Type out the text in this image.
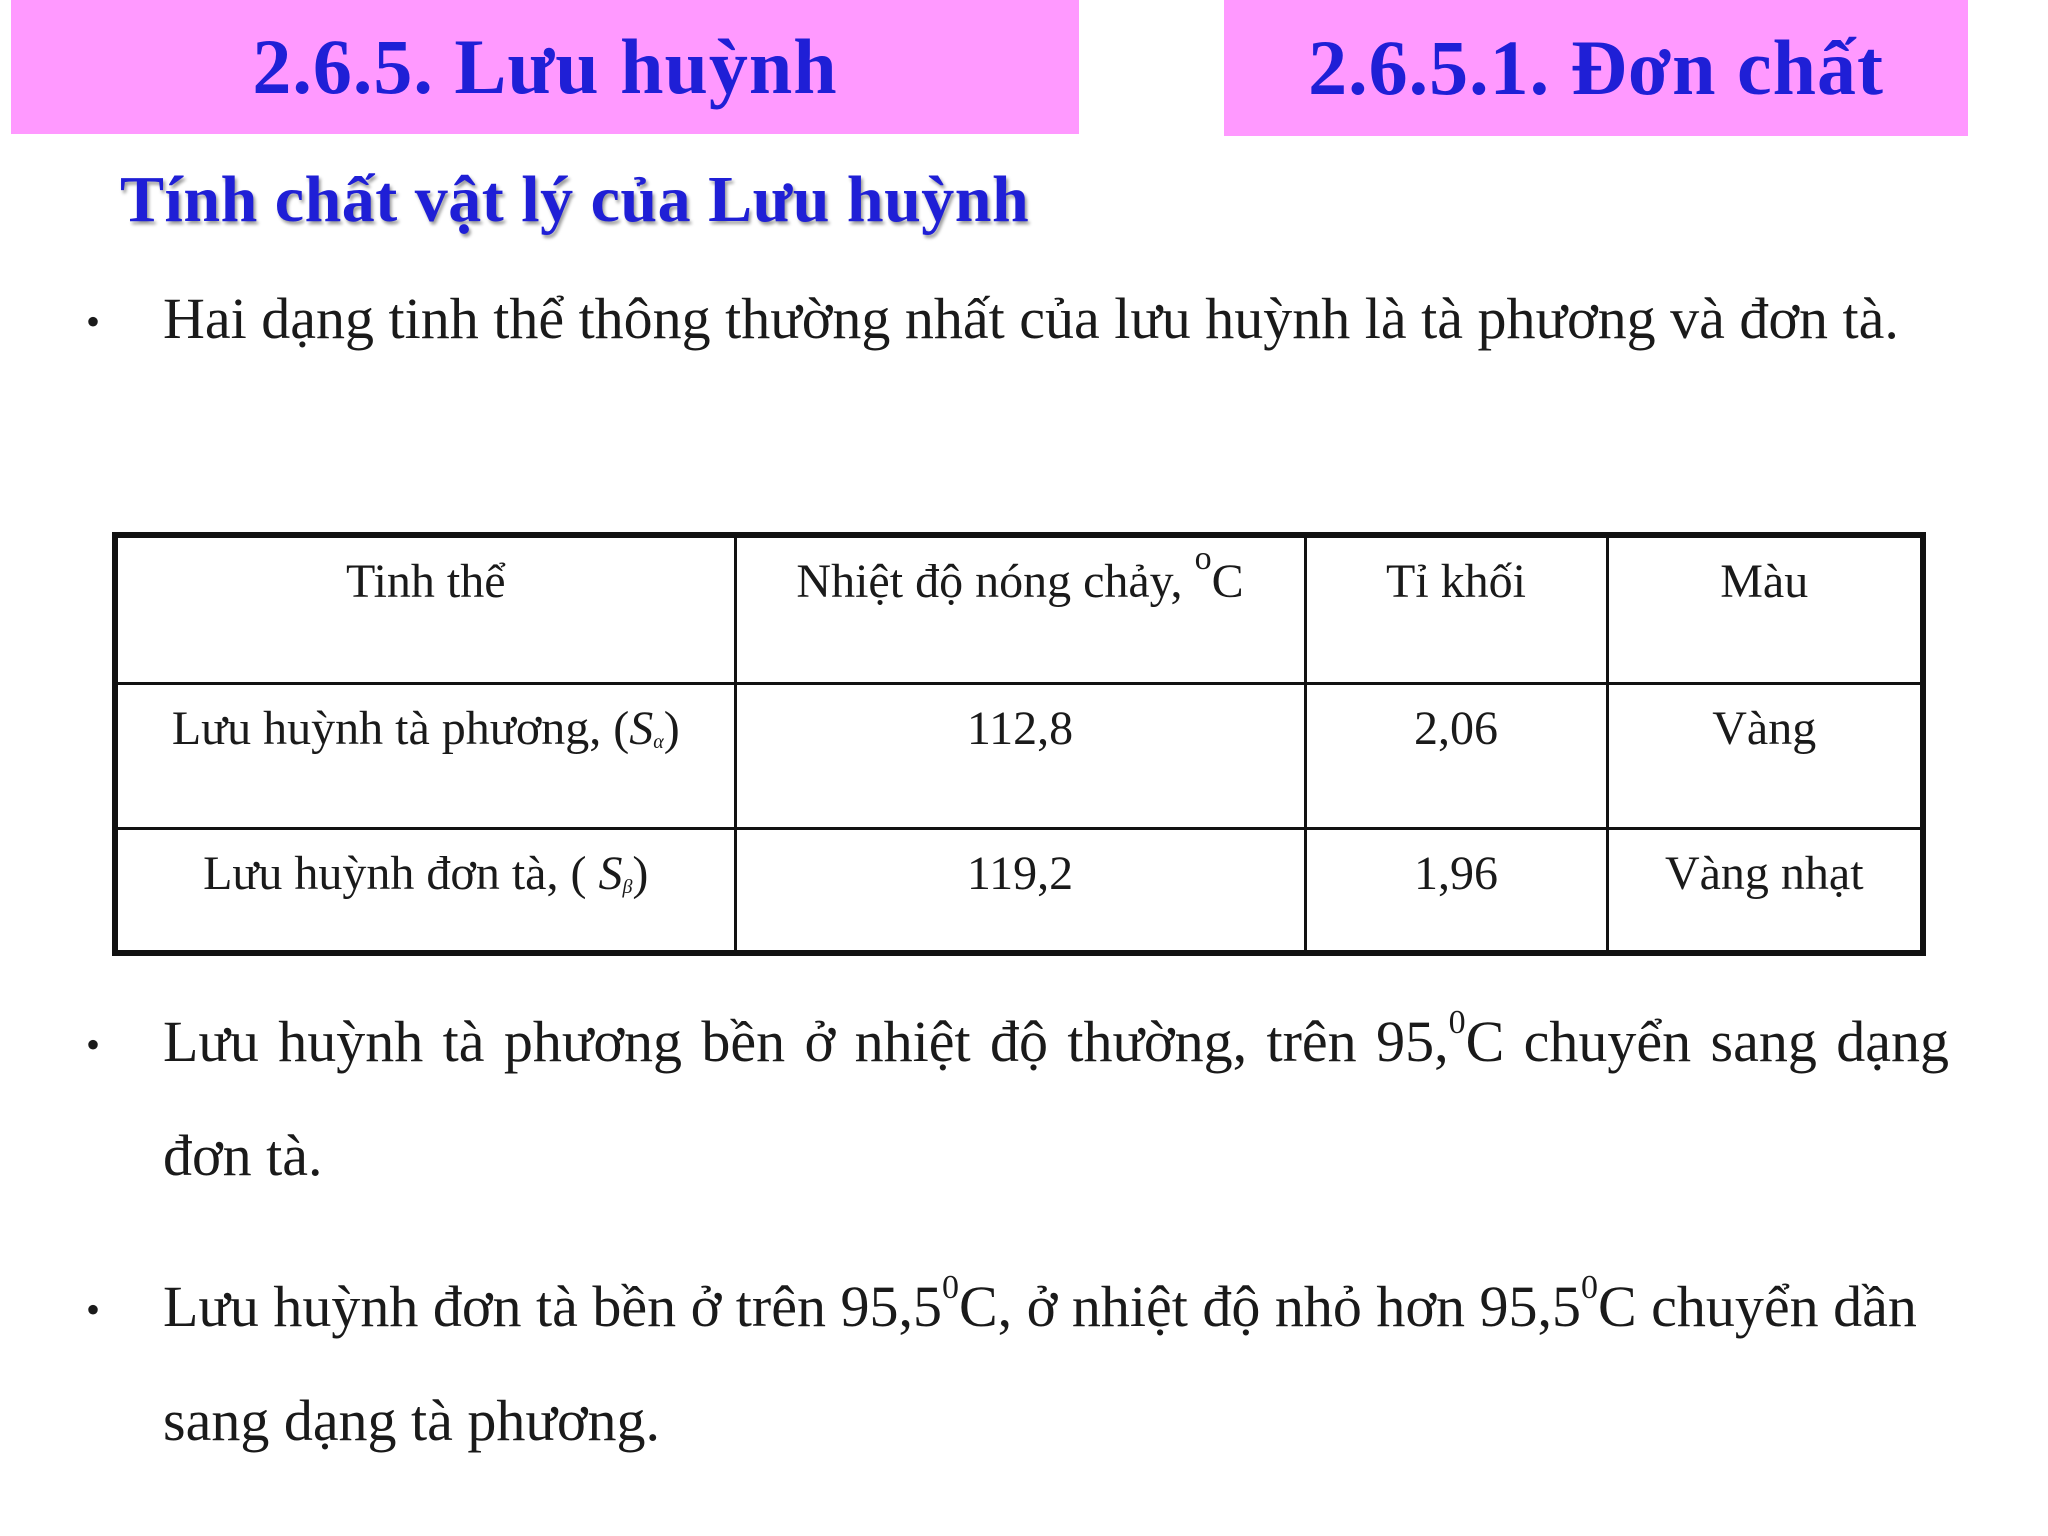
2.6.5. Lưu huỳnh	2.6.5.1. Đơn chất
Tính chất vật lý của Lưu huỳnh
• Hai dạng tinh thể thông thường nhất của lưu huỳnh là tà phương và đơn tà.
Tinh thể	Nhiệt độ nóng chảy, $^o$C	Tỉ khối	Màu
Lưu huỳnh tà phương, (Sα)	112,8	2,06	Vàng
Lưu huỳnh đơn tà, ( Sβ)	119,2	1,96	Vàng nhạt
• Lưu huỳnh tà phương bền ở nhiệt độ thường, trên 95,$^0$C chuyển sang dạng đơn tà.
• Lưu huỳnh đơn tà bền ở trên 95,5$^0$C, ở nhiệt độ nhỏ hơn 95,5$^0$C chuyển dần sang dạng tà phương.
